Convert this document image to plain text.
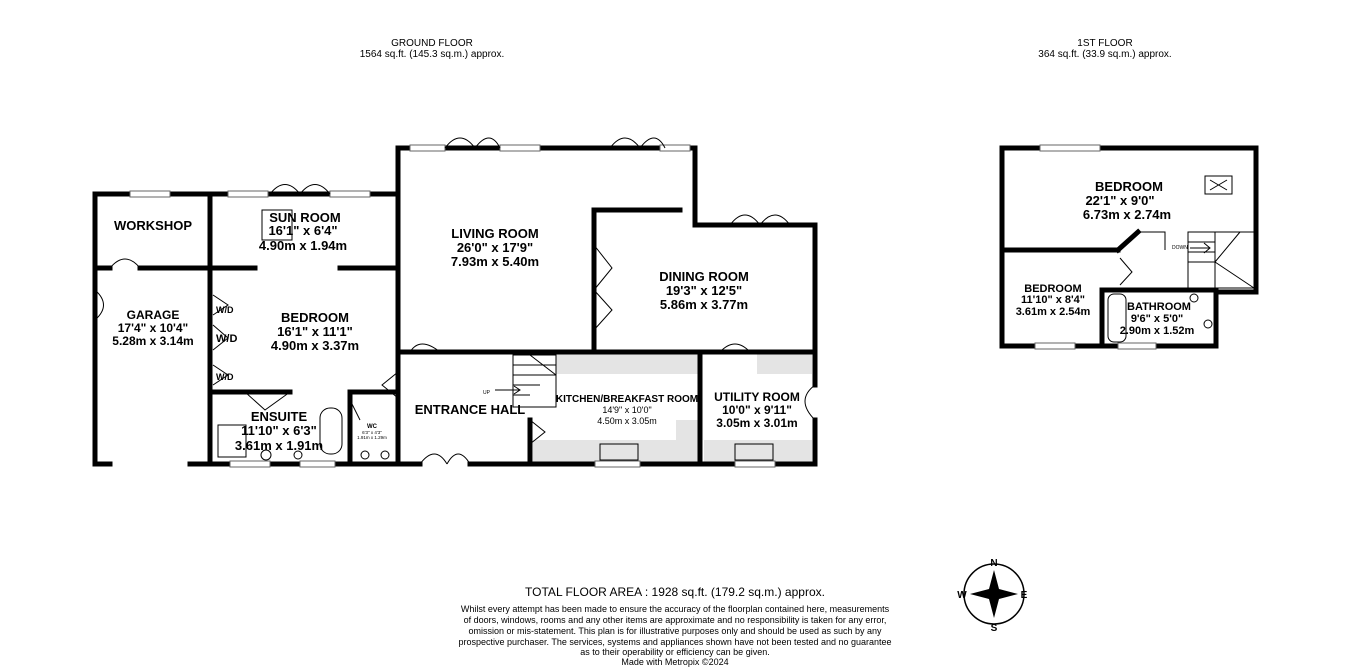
GROUND FLOOR
1564 sq.ft. (145.3 sq.m.) approx.
1ST FLOOR
364 sq.ft. (33.9 sq.m.) approx.
WORKSHOP
GARAGE
17'4" x 10'4"
5.28m x 3.14m
SUN ROOM
16'1" x 6'4"
4.90m x 1.94m
LIVING ROOM
26'0" x 17'9"
7.93m x 5.40m
DINING ROOM
19'3" x 12'5"
5.86m x 3.77m
BEDROOM
16'1" x 11'1"
4.90m x 3.37m
W/D
W/D
W/D
ENSUITE
11'10" x 6'3"
3.61m x 1.91m
WC
6'3" x 4'3"
1.91m x 1.29m
ENTRANCE HALL
UP
KITCHEN/BREAKFAST ROOM
14'9" x 10'0"
4.50m x 3.05m
UTILITY ROOM
10'0" x 9'11"
3.05m x 3.01m
BEDROOM
22'1" x 9'0"
6.73m x 2.74m
DOWN
BEDROOM
11'10" x 8'4"
3.61m x 2.54m	BATHROOM
9'6" x 5'0"
2.90m x 1.52m
N
S
E
W
TOTAL FLOOR AREA : 1928 sq.ft. (179.2 sq.m.) approx.
Whilst every attempt has been made to ensure the accuracy of the floorplan contained here, measurements
of doors, windows, rooms and any other items are approximate and no responsibility is taken for any error,
omission or mis-statement. This plan is for illustrative purposes only and should be used as such by any
prospective purchaser. The services, systems and appliances shown have not been tested and no guarantee
as to their operability or efficiency can be given.
Made with Metropix ©2024
